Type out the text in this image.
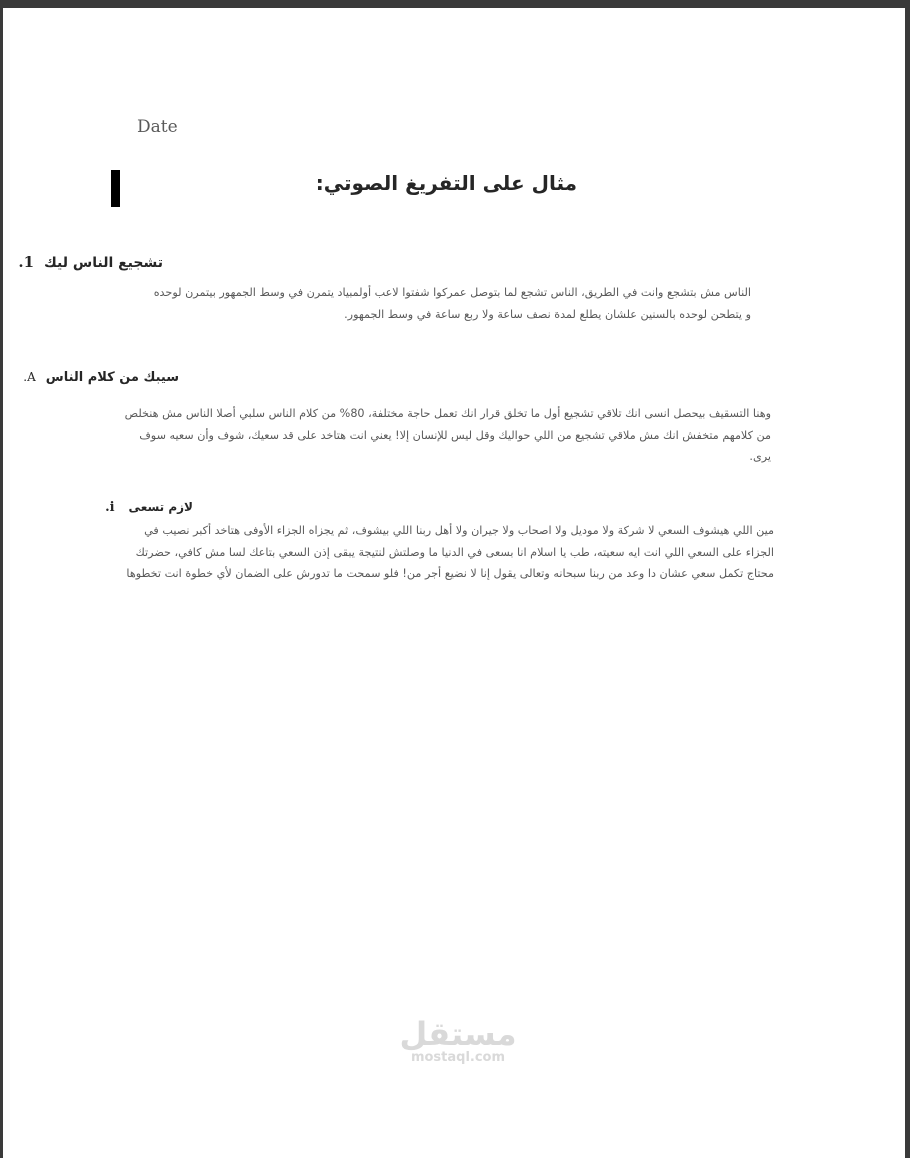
Date
مثال على التفريغ الصوتي:
تشجيع الناس ليك1.
الناس مش بتشجع وانت في الطريق، الناس تشجع لما بتوصل عمركوا شفتوا لاعب أولمبياد يتمرن في وسط الجمهور بيتمرن لوحده و يتطحن لوحده بالسنين علشان يطلع لمدة نصف ساعة ولا ربع ساعة في وسط الجمهور.
سيبك من كلام الناسA.
وهنا التسقيف بيحصل انسى انك تلاقي تشجيع أول ما تخلق قرار انك تعمل حاجة مختلفة، 80% من كلام الناس سلبي أصلا الناس مش هنخلص من كلامهم متخفش انك مش ملاقي تشجيع من اللي حواليك وقل ليس للإنسان إلا! يعني انت هتاخد على قد سعيك، شوف وأن سعيه سوف يرى.
لازم تسعىi.
مين اللي هيشوف السعي لا شركة ولا موديل ولا اصحاب ولا جيران ولا أهل ربنا اللي بيشوف، ثم يجزاه الجزاء الأوفى هتاخد أكبر نصيب في الجزاء على السعي اللي انت ايه سعيته، طب يا اسلام انا بسعى في الدنيا ما وصلتش لنتيجة يبقى إذن السعي بتاعك لسا مش كافي، حضرتك محتاج تكمل سعي عشان دا وعد من ربنا سبحانه وتعالى يقول إنا لا نضيع أجر من! فلو سمحت ما تدورش على الضمان لأي خطوة انت تخطوها
مستقل
mostaql.com
